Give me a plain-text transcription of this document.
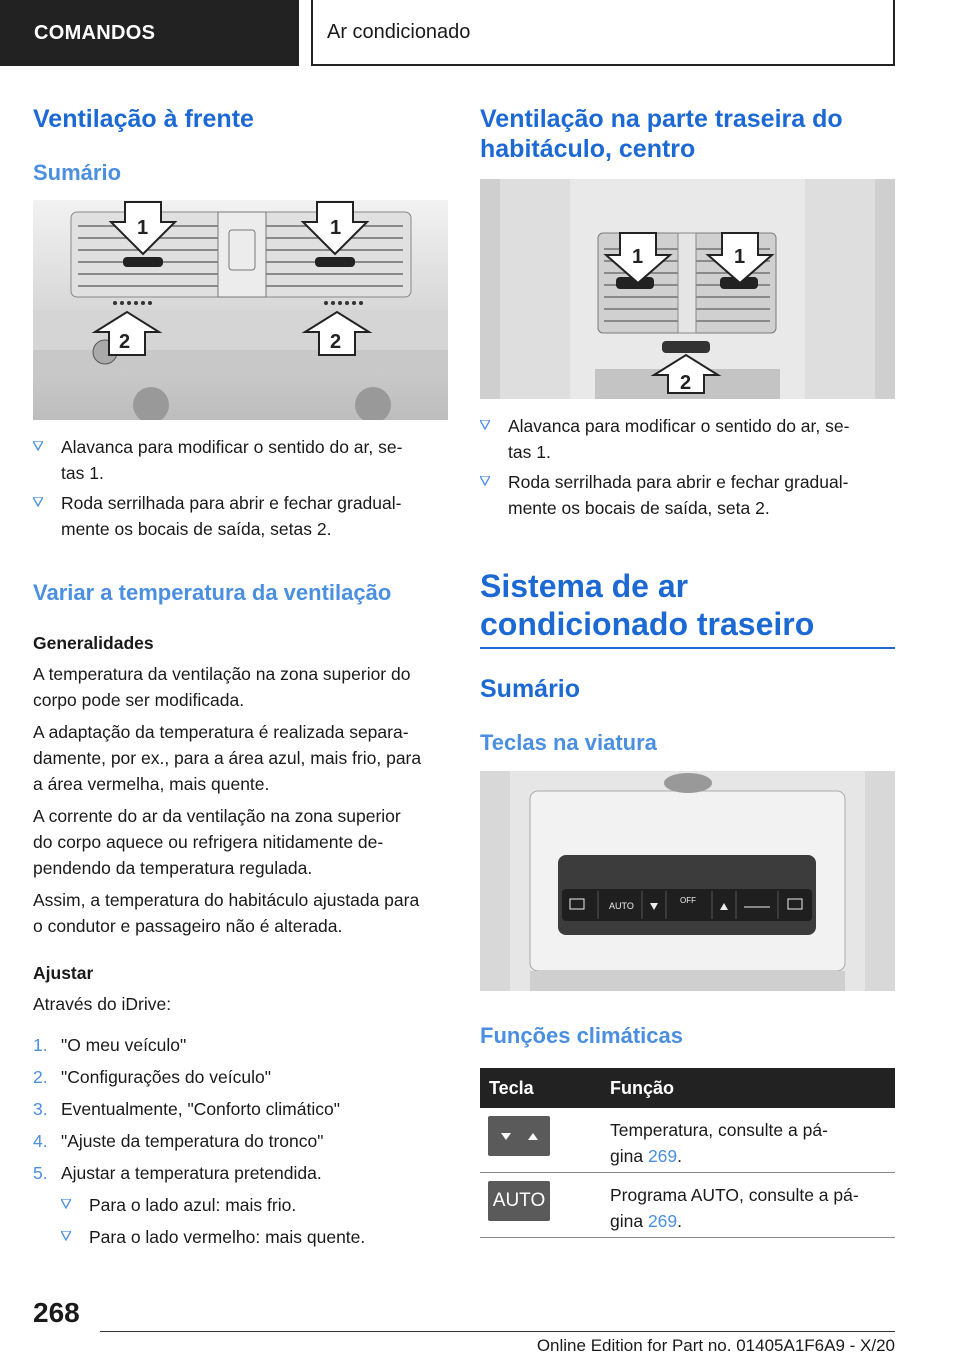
COMANDOS	Ar condicionado
Ventilação à frente
Sumário
1	1
2	2
Alavanca para modificar o sentido do ar, se-
tas 1.
Roda serrilhada para abrir e fechar gradual-
mente os bocais de saída, setas 2.
Variar a temperatura da ventilação
Generalidades
A temperatura da ventilação na zona superior do
corpo pode ser modificada.
A adaptação da temperatura é realizada separa-
damente, por ex., para a área azul, mais frio, para
a área vermelha, mais quente.
A corrente do ar da ventilação na zona superior
do corpo aquece ou refrigera nitidamente de-
pendendo da temperatura regulada.
Assim, a temperatura do habitáculo ajustada para
o condutor e passageiro não é alterada.
Ajustar
Através do iDrive:
1. "O meu veículo"
2. "Configurações do veículo"
3. Eventualmente, "Conforto climático"
4. "Ajuste da temperatura do tronco"
5. Ajustar a temperatura pretendida.
Para o lado azul: mais frio.
Para o lado vermelho: mais quente.
Ventilação na parte traseira do
habitáculo, centro
1	1
2
Alavanca para modificar o sentido do ar, se-
tas 1.
Roda serrilhada para abrir e fechar gradual-
mente os bocais de saída, seta 2.
Sistema de ar
condicionado traseiro
Sumário
Teclas na viatura
AUTO
OFF
Funções climáticas
Tecla	Função
Temperatura, consulte a pá-
gina 269.
AUTO	Programa AUTO, consulte a pá-
gina 269.
268
Online Edition for Part no. 01405A1F6A9 - X/20
